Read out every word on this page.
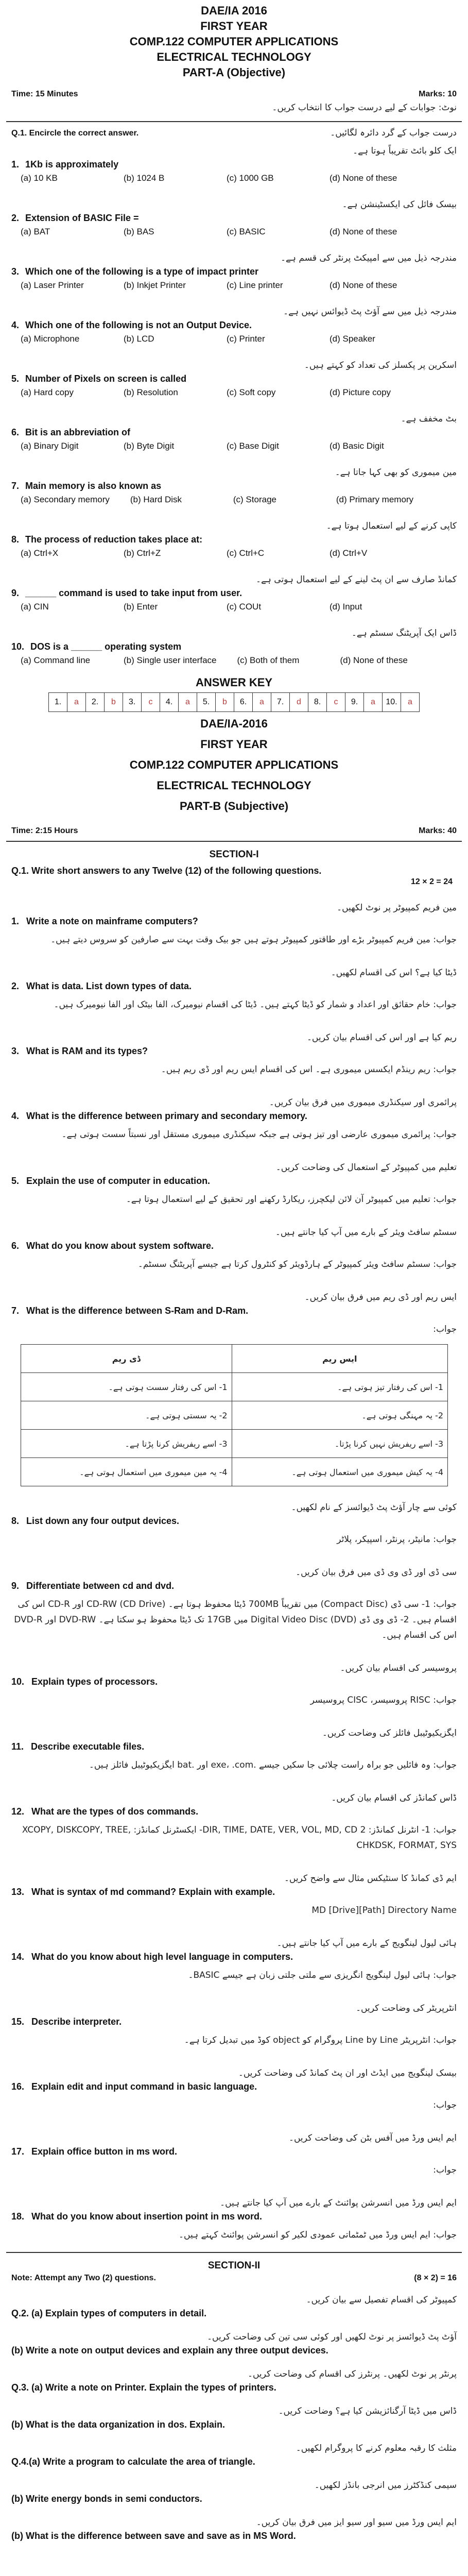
DAE/IA 2016
FIRST YEAR
COMP.122 COMPUTER APPLICATIONS
ELECTRICAL TECHNOLOGY
PART-A (Objective)
Time: 15 Minutes	Marks: 10
نوٹ: جوابات کے لیے درست جواب کا انتخاب کریں۔
Q.1. Encircle the correct answer.	درست جواب کے گرد دائرہ لگائیں۔
ایک کلو بائٹ تقریباً ہوتا ہے۔
1. 1Kb is approximately
(a) 10 KB	(b) 1024 B	(c) 1000 GB	(d) None of these
بیسک فائل کی ایکسٹینشن ہے۔
2. Extension of BASIC File =
(a) BAT	(b) BAS	(c) BASIC	(d) None of these
مندرجہ ذیل میں سے امپیکٹ پرنٹر کی قسم ہے۔
3. Which one of the following is a type of impact printer
(a) Laser Printer	(b) Inkjet Printer	(c) Line printer	(d) None of these
مندرجہ ذیل میں سے آؤٹ پٹ ڈیوائس نہیں ہے۔
4. Which one of the following is not an Output Device.
(a) Microphone	(b) LCD	(c) Printer	(d) Speaker
اسکرین پر پکسلز کی تعداد کو کہتے ہیں۔
5. Number of Pixels on screen is called
(a) Hard copy	(b) Resolution	(c) Soft copy	(d) Picture copy
بٹ مخفف ہے۔
6. Bit is an abbreviation of
(a) Binary Digit	(b) Byte Digit	(c) Base Digit	(d) Basic Digit
مین میموری کو بھی کہا جاتا ہے۔
7. Main memory is also known as
(a) Secondary memory (b) Hard Disk	(c) Storage	(d) Primary memory
کاپی کرنے کے لیے استعمال ہوتا ہے۔
8. The process of reduction takes place at:
(a) Ctrl+X	(b) Ctrl+Z	(c) Ctrl+C	(d) Ctrl+V
کمانڈ صارف سے ان پٹ لینے کے لیے استعمال ہوتی ہے۔
9. ______ command is used to take input from user.
(a) CIN	(b) Enter	(c) COUt	(d) Input
ڈاس ایک آپریٹنگ سسٹم ہے۔
10. DOS is a ______ operating system
(a) Command line	(b) Single user interface (c) Both of them	(d) None of these
ANSWER KEY
1.	a	2.	b	3.	c	4.	a	5.	b	6.	a	7.	d	8.	c	9.	a	10.	a
DAE/IA-2016
FIRST YEAR
COMP.122 COMPUTER APPLICATIONS
ELECTRICAL TECHNOLOGY
PART-B (Subjective)
Time: 2:15 Hours	Marks: 40
SECTION-I
Q.1. Write short answers to any Twelve (12) of the following questions.
12 × 2 = 24
مین فریم کمپیوٹر پر نوٹ لکھیں۔
1. Write a note on mainframe computers?
جواب: مین فریم کمپیوٹر بڑے اور طاقتور کمپیوٹر ہوتے ہیں جو بیک وقت بہت سے صارفین کو سروس دیتے ہیں۔
ڈیٹا کیا ہے؟ اس کی اقسام لکھیں۔
2. What is data. List down types of data.
جواب: خام حقائق اور اعداد و شمار کو ڈیٹا کہتے ہیں۔ ڈیٹا کی اقسام نیومیرک، الفا بیٹک اور الفا نیومیرک ہیں۔
ریم کیا ہے اور اس کی اقسام بیان کریں۔
3. What is RAM and its types?
جواب: ریم رینڈم ایکسس میموری ہے۔ اس کی اقسام ایس ریم اور ڈی ریم ہیں۔
پرائمری اور سیکنڈری میموری میں فرق بیان کریں۔
4. What is the difference between primary and secondary memory.
جواب: پرائمری میموری عارضی اور تیز ہوتی ہے جبکہ سیکنڈری میموری مستقل اور نسبتاً سست ہوتی ہے۔
تعلیم میں کمپیوٹر کے استعمال کی وضاحت کریں۔
5. Explain the use of computer in education.
جواب: تعلیم میں کمپیوٹر آن لائن لیکچرز، ریکارڈ رکھنے اور تحقیق کے لیے استعمال ہوتا ہے۔
سسٹم سافٹ ویئر کے بارے میں آپ کیا جانتے ہیں۔
6. What do you know about system software.
جواب: سسٹم سافٹ ویئر کمپیوٹر کے ہارڈویئر کو کنٹرول کرتا ہے جیسے آپریٹنگ سسٹم۔
ایس ریم اور ڈی ریم میں فرق بیان کریں۔
7. What is the difference between S-Ram and D-Ram.
جواب:
ڈی ریم	ایس ریم
1- اس کی رفتار سست ہوتی ہے۔	1- اس کی رفتار تیز ہوتی ہے۔
2- یہ سستی ہوتی ہے۔	2- یہ مہنگی ہوتی ہے۔
3- اسے ریفریش کرنا پڑتا ہے۔	3- اسے ریفریش نہیں کرنا پڑتا۔
4- یہ مین میموری میں استعمال ہوتی ہے۔	4- یہ کیش میموری میں استعمال ہوتی ہے۔
کوئی سے چار آؤٹ پٹ ڈیوائسز کے نام لکھیں۔
8. List down any four output devices.
جواب: مانیٹر، پرنٹر، اسپیکر، پلاٹر
سی ڈی اور ڈی وی ڈی میں فرق بیان کریں۔
9. Differentiate between cd and dvd.
جواب: 1- سی ڈی (Compact Disc) میں تقریباً 700MB ڈیٹا محفوظ ہوتا ہے۔ (CD Drive) ‏CD-RW اور CD-R اس کی اقسام ہیں۔ 2- ڈی وی ڈی (DVD) Digital Video Disc میں 17GB تک ڈیٹا محفوظ ہو سکتا ہے۔ DVD-RW اور DVD-R اس کی اقسام ہیں۔
پروسیسر کی اقسام بیان کریں۔
10. Explain types of processors.
جواب: RISC پروسیسر، CISC پروسیسر
ایگزیکیوٹیبل فائلز کی وضاحت کریں۔
11. Describe executable files.
جواب: وہ فائلیں جو براہ راست چلائی جا سکیں جیسے .exe، .com اور .bat ایگزیکیوٹیبل فائلز ہیں۔
ڈاس کمانڈز کی اقسام بیان کریں۔
12. What are the types of dos commands.
جواب: 1- انٹرنل کمانڈز: DIR, TIME, DATE, VER, VOL, MD, CD 2- ایکسٹرنل کمانڈز: XCOPY, DISKCOPY, TREE, CHKDSK, FORMAT, SYS
ایم ڈی کمانڈ کا سنٹیکس مثال سے واضح کریں۔
13. What is syntax of md command? Explain with example.
MD [Drive][Path] Directory Name
ہائی لیول لینگویج کے بارے میں آپ کیا جانتے ہیں۔
14. What do you know about high level language in computers.
جواب: ہائی لیول لینگویج انگریزی سے ملتی جلتی زبان ہے جیسے BASIC۔
انٹرپریٹر کی وضاحت کریں۔
15. Describe interpreter.
جواب: انٹرپریٹر Line by Line پروگرام کو object کوڈ میں تبدیل کرتا ہے۔
بیسک لینگویج میں ایڈٹ اور ان پٹ کمانڈ کی وضاحت کریں۔
16. Explain edit and input command in basic language.
جواب:
ایم ایس ورڈ میں آفس بٹن کی وضاحت کریں۔
17. Explain office button in ms word.
جواب:
ایم ایس ورڈ میں انسرشن پوائنٹ کے بارے میں آپ کیا جانتے ہیں۔
18. What do you know about insertion point in ms word.
جواب: ایم ایس ورڈ میں ٹمٹماتی عمودی لکیر کو انسرشن پوائنٹ کہتے ہیں۔
SECTION-II
Note: Attempt any Two (2) questions.	(8 × 2) = 16
کمپیوٹر کی اقسام تفصیل سے بیان کریں۔
Q.2. (a) Explain types of computers in detail.
آؤٹ پٹ ڈیوائسز پر نوٹ لکھیں اور کوئی سی تین کی وضاحت کریں۔
(b) Write a note on output devices and explain any three output devices.
پرنٹر پر نوٹ لکھیں۔ پرنٹرز کی اقسام کی وضاحت کریں۔
Q.3. (a) Write a note on Printer. Explain the types of printers.
ڈاس میں ڈیٹا آرگنائزیشن کیا ہے؟ وضاحت کریں۔
(b) What is the data organization in dos. Explain.
مثلث کا رقبہ معلوم کرنے کا پروگرام لکھیں۔
Q.4.(a) Write a program to calculate the area of triangle.
سیمی کنڈکٹرز میں انرجی بانڈز لکھیں۔
(b) Write energy bonds in semi conductors.
ایم ایس ورڈ میں سیو اور سیو ایز میں فرق بیان کریں۔
(b) What is the difference between save and save as in MS Word.
